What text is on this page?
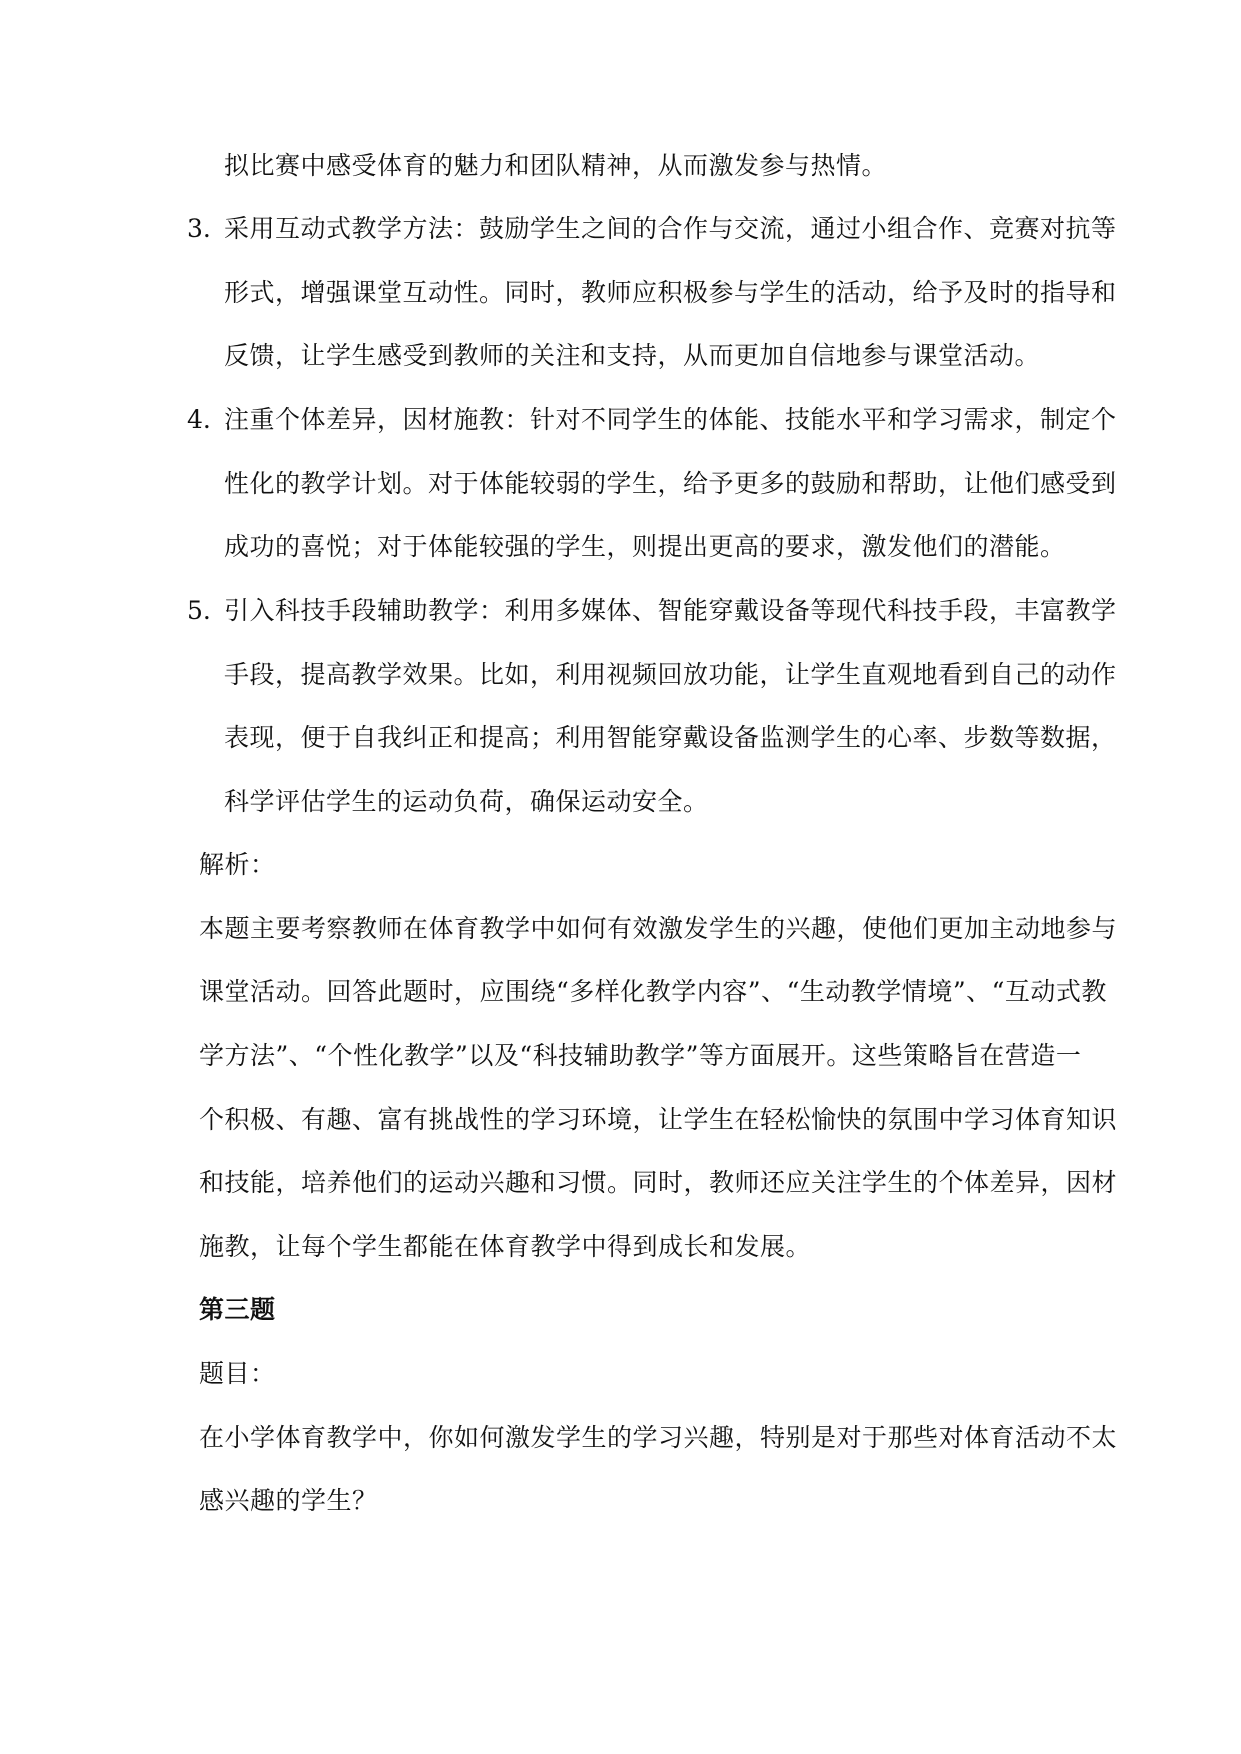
拟比赛中感受体育的魅力和团队精神，从而激发参与热情。
3. 采用互动式教学方法：鼓励学生之间的合作与交流，通过小组合作、竞赛对抗等
形式，增强课堂互动性。同时，教师应积极参与学生的活动，给予及时的指导和
反馈，让学生感受到教师的关注和支持，从而更加自信地参与课堂活动。
4. 注重个体差异，因材施教：针对不同学生的体能、技能水平和学习需求，制定个
性化的教学计划。对于体能较弱的学生，给予更多的鼓励和帮助，让他们感受到
成功的喜悦；对于体能较强的学生，则提出更高的要求，激发他们的潜能。
5. 引入科技手段辅助教学：利用多媒体、智能穿戴设备等现代科技手段，丰富教学
手段，提高教学效果。比如，利用视频回放功能，让学生直观地看到自己的动作
表现，便于自我纠正和提高；利用智能穿戴设备监测学生的心率、步数等数据，
科学评估学生的运动负荷，确保运动安全。
解析：
本题主要考察教师在体育教学中如何有效激发学生的兴趣，使他们更加主动地参与
课堂活动。回答此题时，应围绕“多样化教学内容”、“生动教学情境”、“互动式教
学方法”、“个性化教学”以及“科技辅助教学”等方面展开。这些策略旨在营造一
个积极、有趣、富有挑战性的学习环境，让学生在轻松愉快的氛围中学习体育知识
和技能，培养他们的运动兴趣和习惯。同时，教师还应关注学生的个体差异，因材
施教，让每个学生都能在体育教学中得到成长和发展。
第三题
题目：
在小学体育教学中，你如何激发学生的学习兴趣，特别是对于那些对体育活动不太
感兴趣的学生？
